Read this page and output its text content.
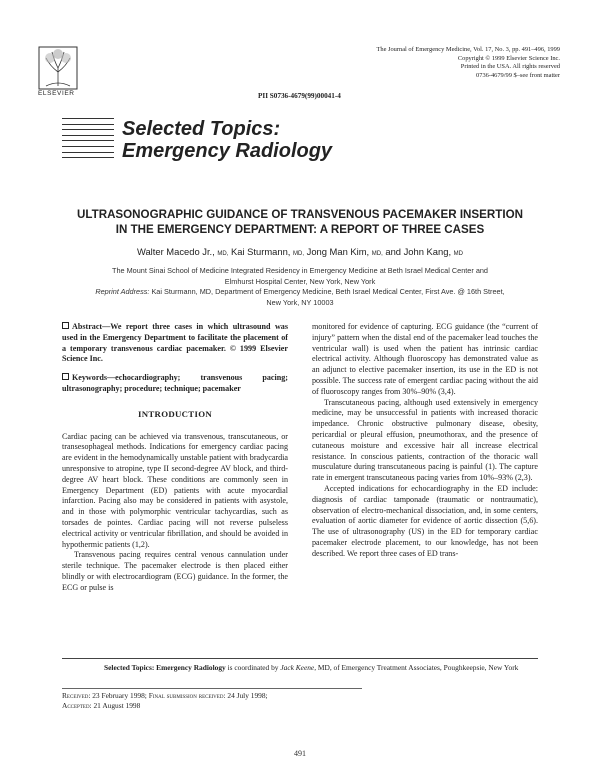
ELSEVIER
The Journal of Emergency Medicine, Vol. 17, No. 3, pp. 491–496, 1999
Copyright © 1999 Elsevier Science Inc.
Printed in the USA. All rights reserved
0736-4679/99 $–see front matter
PII S0736-4679(99)00041-4
Selected Topics:
Emergency Radiology
ULTRASONOGRAPHIC GUIDANCE OF TRANSVENOUS PACEMAKER INSERTION
IN THE EMERGENCY DEPARTMENT: A REPORT OF THREE CASES
Walter Macedo Jr., MD, Kai Sturmann, MD, Jong Man Kim, MD, and John Kang, MD
The Mount Sinai School of Medicine Integrated Residency in Emergency Medicine at Beth Israel Medical Center and
Elmhurst Hospital Center, New York, New York
Reprint Address: Kai Sturmann, MD, Department of Emergency Medicine, Beth Israel Medical Center, First Ave. @ 16th Street,
New York, NY 10003

Abstract—We report three cases in which ultrasound was used in the Emergency Department to facilitate the placement of a temporary transvenous cardiac pacemaker. © 1999 Elsevier Science Inc.

Keywords—echocardiography; transvenous pacing; ultrasonography; procedure; technique; pacemaker

INTRODUCTION

Cardiac pacing can be achieved via transvenous, transcutaneous, or transesophageal methods. Indications for emergency cardiac pacing are evident in the hemodynamically unstable patient with bradycardia unresponsive to atropine, type II second-degree AV block, and third-degree AV heart block. These conditions are commonly seen in Emergency Department (ED) patients with acute myocardial infarction. Pacing also may be considered in patients with asystole, and in those with polymorphic ventricular tachycardias, such as torsades de pointes. Cardiac pacing will not reverse pulseless electrical activity or ventricular fibrillation, and should be avoided in hypothermic patients (1,2).

Transvenous pacing requires central venous cannulation under sterile technique. The pacemaker electrode is then placed either blindly or with electrocardiogram (ECG) guidance. In the former, the ECG or pulse is

monitored for evidence of capturing. ECG guidance (the “current of injury” pattern when the distal end of the pacemaker lead touches the ventricular wall) is used when the patient has intrinsic cardiac electrical activity. Although fluoroscopy has demonstrated value as an adjunct to elective pacemaker insertion, its use in the ED is not possible. The success rate of emergent cardiac pacing without the aid of fluoroscopy ranges from 30%–90% (3,4).

Transcutaneous pacing, although used extensively in emergency medicine, may be unsuccessful in patients with increased thoracic impedance. Chronic obstructive pulmonary disease, obesity, pericardial or pleural effusion, pneumothorax, and the presence of cutaneous moisture and excessive hair all increase electrical resistance. In conscious patients, contraction of the thoracic wall musculature during transcutaneous pacing is painful (1). The capture rate in emergent transcutaneous pacing varies from 10%–93% (2,3).

Accepted indications for echocardiography in the ED include: diagnosis of cardiac tamponade (traumatic or nontraumatic), observation of electro-mechanical dissociation, and, in some centers, evaluation of aortic diameter for evidence of aortic dissection (5,6). The use of ultrasonography (US) in the ED for temporary cardiac pacemaker electrode placement, to our knowledge, has not been described. We report three cases of ED trans-

Selected Topics: Emergency Radiology is coordinated by Jack Keene, MD, of Emergency Treatment Associates, Poughkeepsie, New York
Received: 23 February 1998; Final submission received: 24 July 1998;
Accepted: 21 August 1998
491
